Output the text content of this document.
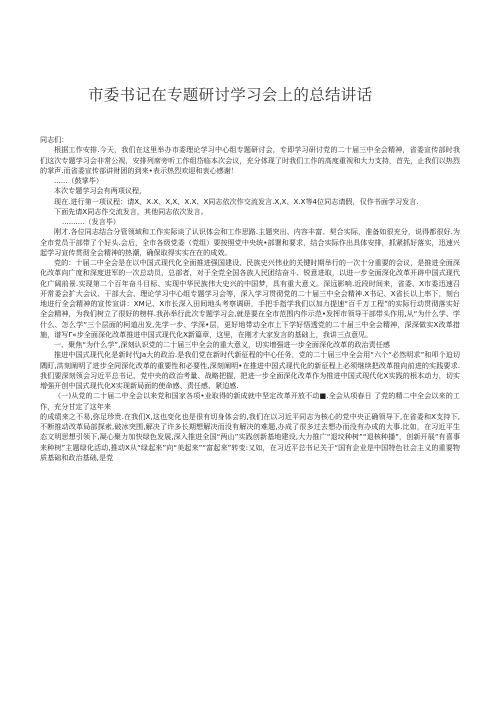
市委书记在专题研讨学习会上的总结讲话

同志们：

根据工作安排.今天，我们在这里举办市委理论学习中心组专题研讨会，专即学习研讨党的二十届三中全会精神，省委宣传部时我们这次专题学习会非常公视，安排列席旁听工作组岱临本次会议，充分体现了时我们工作的高度重视和大力支持，首先，止我们以热烈的掌声.而省委宣传部讲财团的到来•表示热烈欢迎和衷心感谢！

......（鼓掌毕）

本次专题学习会有两项议程，

现在.进行第一项议程：请X、X.X、X,X、X.X、X同志依次作交流发言.X,X、X.X等4位同志请假，仅作书面学习发言.

下面先请X同志作交流发言，其他同志依次发言。

..........（发言毕）

刚才.各位同志结合分管领域和工作实际谈了认识体会和工作思路.主题突出、内容丰富、契合实际，准备如很充分，说得都很好.为全市党员干部带了个好头.会后，全市各级党委（党组）要按照党中央统•部署和要求，结合实际作出具体安排，抓紧抓好落实，迅速兴起学习宣传贯彻全会精神的热潮，确保取得实实在在的成效。

党的：十届二中全会是在以中国式现代化全面推进强国建设、民族史兴伟业的关键时期举行的一次十分重要的会议，是推进全面深化改革向广度和深度进军的一次总动员、总部者，对于全党全国各族人民团结奋斗、锐意进取，以进一步全面深化改革开辟中国式现代化广阔前景.实现第二个百年奋斗目标、实现中华民族伟大史兴的中国梦，具有重大意义。深远影响.近段时间来，省委、X市委迅速召开常委会扩大会议、干部大会、理论学习中心组专题学习会等，深入学习贯彻党的二十届三中全会精神.X书记、X省长以上率下，刻台地进行全会精神的宣传宣讲：XM记、X市长深入田间地头考察调研，手把手指学我们以加力提速“百千万工程”的实际行动贯彻落实好全会精神，为我们树立了很好的榜样.我孙举行此次专题学习会,就是要在全市范围内作示范•发挥市领导干部带头作用,从“为什么学、学什么、怎么学”三个层面的柯道出发,先学一步、学深•层，更好地带动全市上下学好悟透党的二十届三中全会精神，深深做实X改革措施，谱写Γ«步全面深化改革推进中国式现代化X新篇章，这里，在刚才大家发言的基础上，我讲三点意见。

一、聚焦“为什么学”,深刻认识党的二十届三中全会的重大意义，切实增强进一步全面深化改革的政治责任感

推进中国式现代化是新时代Ja大的政治.是我们党在新时代新征程的中心任务，党的二十届三中全会用“六个“必然明求”和叩个迫切隅盯,洪刻阐明了进步全同深化改革的重要性和必要性,深刻阐明•在推进中国式现代化的新征程上必须继续把改革推向前进的实践要求.我们要深刻领会习近平总书记、党中央的政治考量、战略把握，把进一步全面深化改革作为推进中国式现代化X实践的根本动力，切实增强开创中国式现代化X实现新局面的使命感、责任感、紧迫感.

（一)从党的二十届二中全会以来党和国家各项•业取得的新成就中坚定改革开放不动■.全会从项春日 了党的精二中全会以来的工作，充分甘定了这年来

的成绩来之不易,弥足珍贵.在我们X,这也变化也是很有切身体会的,我们在以习近平同志为核心的党中央正确领导下,在省委和X支持下,不断推动改革局部探索,破冰突围,解决了许多长期想解决而没有解决的难题,办成了很多过去想办而没有办成的大事.比如，在习近平生态文明思想引领下,凝心聚力加快绿色发展,深入推进全国“两山”实践创新基地建设,大力推广“退坟种树”“退核种播”，创新开展“有喜事来种树”主题绿化活动,推动X从“绿起来”向“美起来”“富起来”转变:又如，在习近平总书记关于“国有企业是中国特色社会主义的重要物质基础和政治基础,是党
